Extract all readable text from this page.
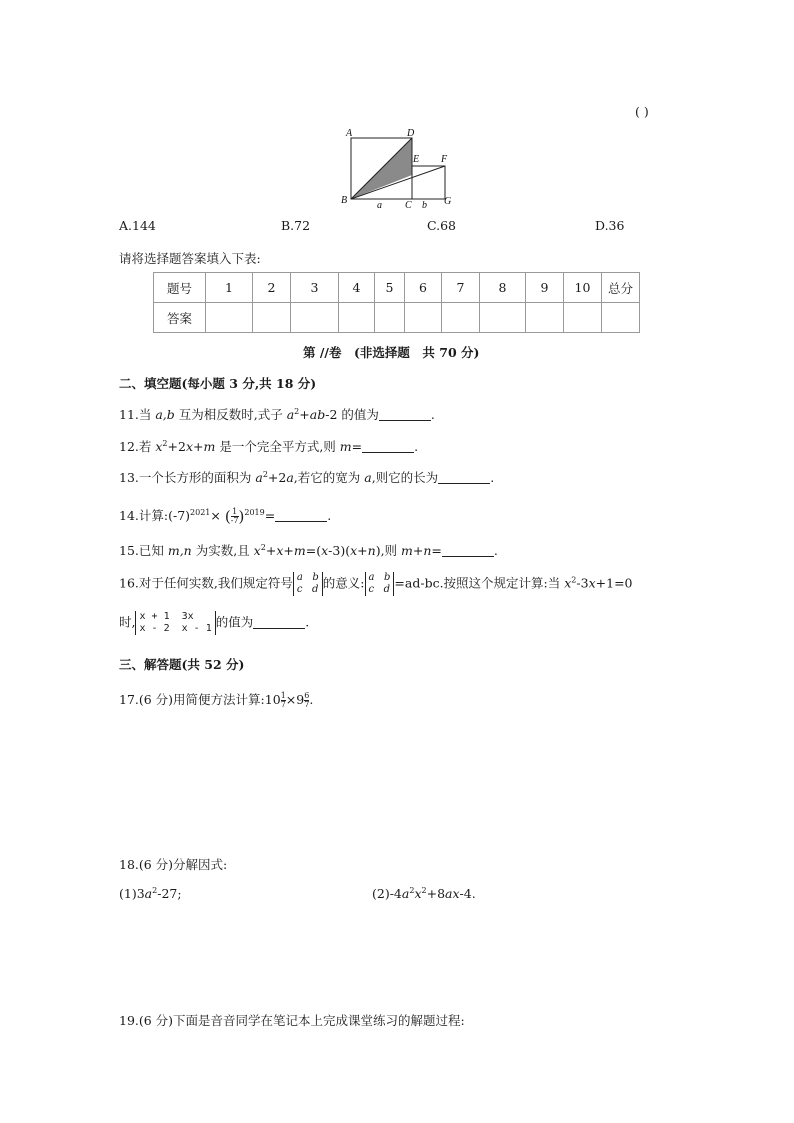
( )
A	D
E F
B	a C b G
A.144	B.72	C.68	D.36
请将选择题答案填入下表:
题号	1	2	3	4	5	6	7	8	9	10	总分
答案											
第 //卷　(非选择题　共 70 分)
二、填空题(每小题 3 分,共 18 分)
11.当 a,b 互为相反数时,式子 $a^2+ab-2$ 的值为	.
12.若 $x^2+2x+m$ 是一个完全平方式,则 m=	.
13.一个长方形的面积为 $a^2+2a$,若它的宽为 a,则它的长为	.
14.计算$:(-7)^{2021}\times$ ( $\frac{1}{-7} )^{2019}=$	.
15.已知 m,n 为实数,且 $x^2+x+m=(x-3)(x+n)$,则 m+n=	.
16.对于任何实数,我们规定符号 a b
c d 的意义: a b
c d =ad-bc.按照这个规定计算:当 $x^2-3x+1=0$
时, x + 1 3x
x - 2 x - 1 的值为	.
三、解答题(共 52 分)
17.(6 分)用简便方法计算:10 $\frac{1}{7} \times 9 \frac{6}{7}$ .
18.(6 分)分解因式:
$(1)3a^2-27$;	$(2)-4a^2x^2+8ax-4$.
19.(6 分)下面是音音同学在笔记本上完成课堂练习的解题过程:
